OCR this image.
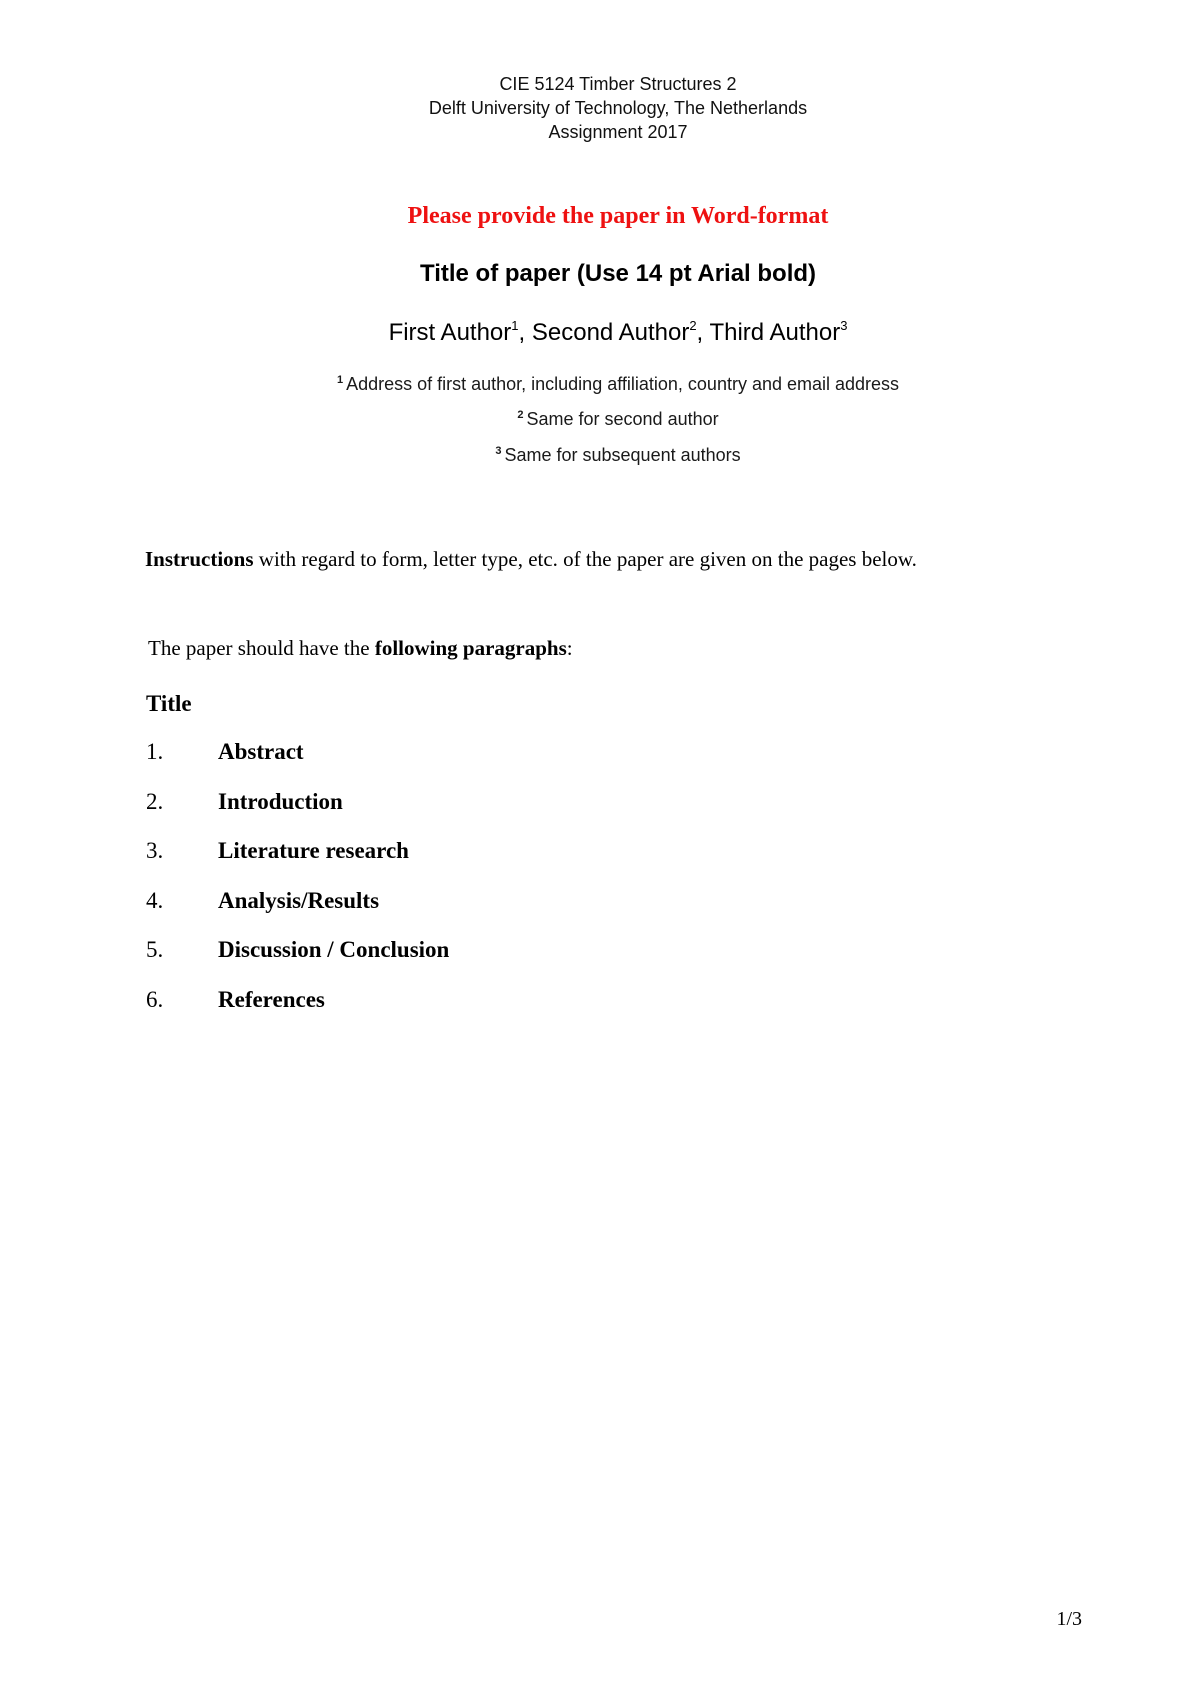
CIE 5124 Timber Structures 2
Delft University of Technology, The Netherlands
Assignment 2017
Please provide the paper in Word-format
Title of paper (Use 14 pt Arial bold)
First Author$^1$, Second Author$^2$, Third Author$^3$
$^1$ Address of first author, including affiliation, country and email address
$^2$ Same for second author
$^3$ Same for subsequent authors
Instructions with regard to form, letter type, etc. of the paper are given on the pages below.
The paper should have the following paragraphs:
Title
1.	Abstract
2.	Introduction
3.	Literature research
4.	Analysis/Results
5.	Discussion / Conclusion
6.	References
1/3
